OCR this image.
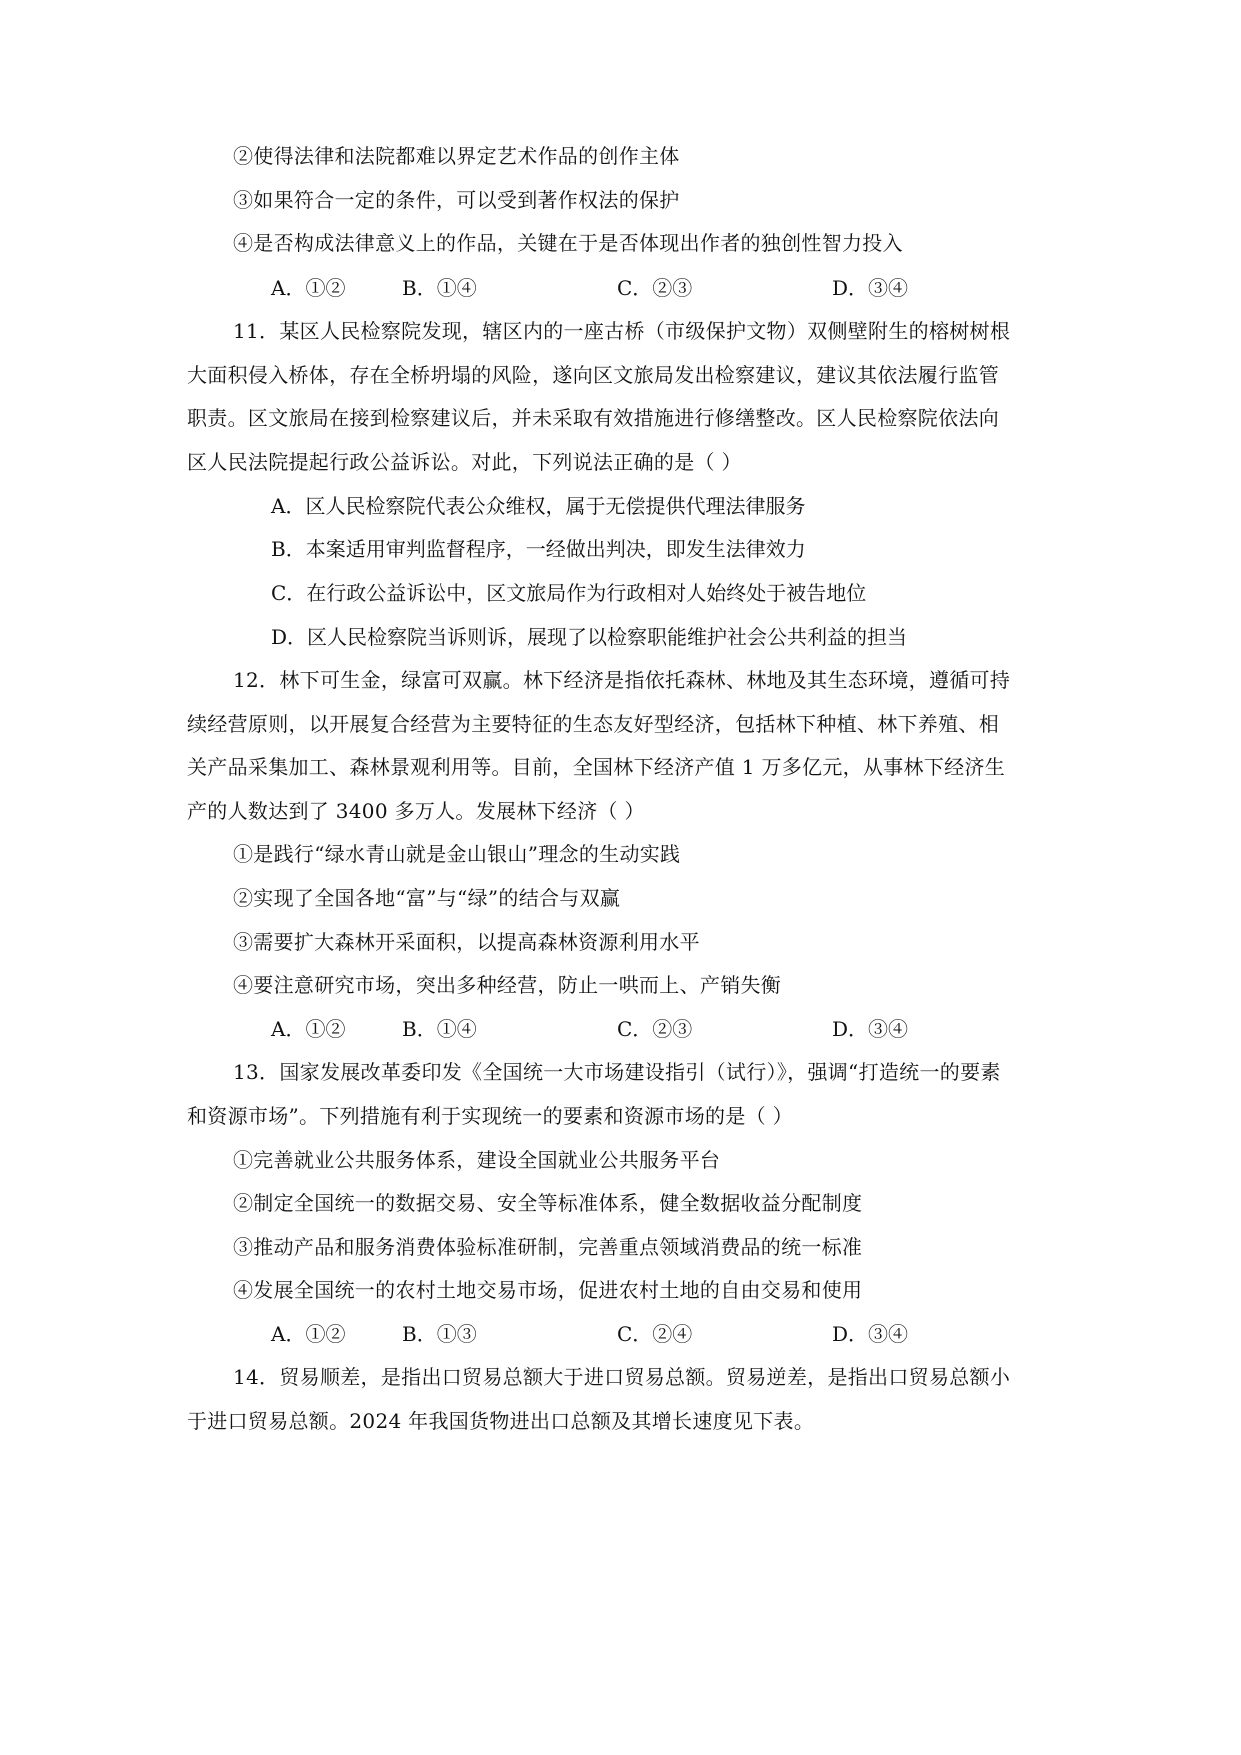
②使得法律和法院都难以界定艺术作品的创作主体
③如果符合一定的条件，可以受到著作权法的保护
④是否构成法律意义上的作品，关键在于是否体现出作者的独创性智力投入
A．①②	B．①④	C．②③	D．③④
11．某区人民检察院发现，辖区内的一座古桥（市级保护文物）双侧壁附生的榕树树根
大面积侵入桥体，存在全桥坍塌的风险，遂向区文旅局发出检察建议，建议其依法履行监管
职责。区文旅局在接到检察建议后，并未采取有效措施进行修缮整改。区人民检察院依法向
区人民法院提起行政公益诉讼。对此，下列说法正确的是（ ）
A．区人民检察院代表公众维权，属于无偿提供代理法律服务
B．本案适用审判监督程序，一经做出判决，即发生法律效力
C．在行政公益诉讼中，区文旅局作为行政相对人始终处于被告地位
D．区人民检察院当诉则诉，展现了以检察职能维护社会公共利益的担当
12．林下可生金，绿富可双赢。林下经济是指依托森林、林地及其生态环境，遵循可持
续经营原则，以开展复合经营为主要特征的生态友好型经济，包括林下种植、林下养殖、相
关产品采集加工、森林景观利用等。目前，全国林下经济产值 1 万多亿元，从事林下经济生
产的人数达到了 3400 多万人。发展林下经济（ ）
①是践行“绿水青山就是金山银山”理念的生动实践
②实现了全国各地“富”与“绿”的结合与双赢
③需要扩大森林开采面积，以提高森林资源利用水平
④要注意研究市场，突出多种经营，防止一哄而上、产销失衡
A．①②	B．①④	C．②③	D．③④
13．国家发展改革委印发《全国统一大市场建设指引（试行）》，强调“打造统一的要素
和资源市场”。下列措施有利于实现统一的要素和资源市场的是（ ）
①完善就业公共服务体系，建设全国就业公共服务平台
②制定全国统一的数据交易、安全等标准体系，健全数据收益分配制度
③推动产品和服务消费体验标准研制，完善重点领域消费品的统一标准
④发展全国统一的农村土地交易市场，促进农村土地的自由交易和使用
A．①②	B．①③	C．②④	D．③④
14．贸易顺差，是指出口贸易总额大于进口贸易总额。贸易逆差，是指出口贸易总额小
于进口贸易总额。2024 年我国货物进出口总额及其增长速度见下表。
